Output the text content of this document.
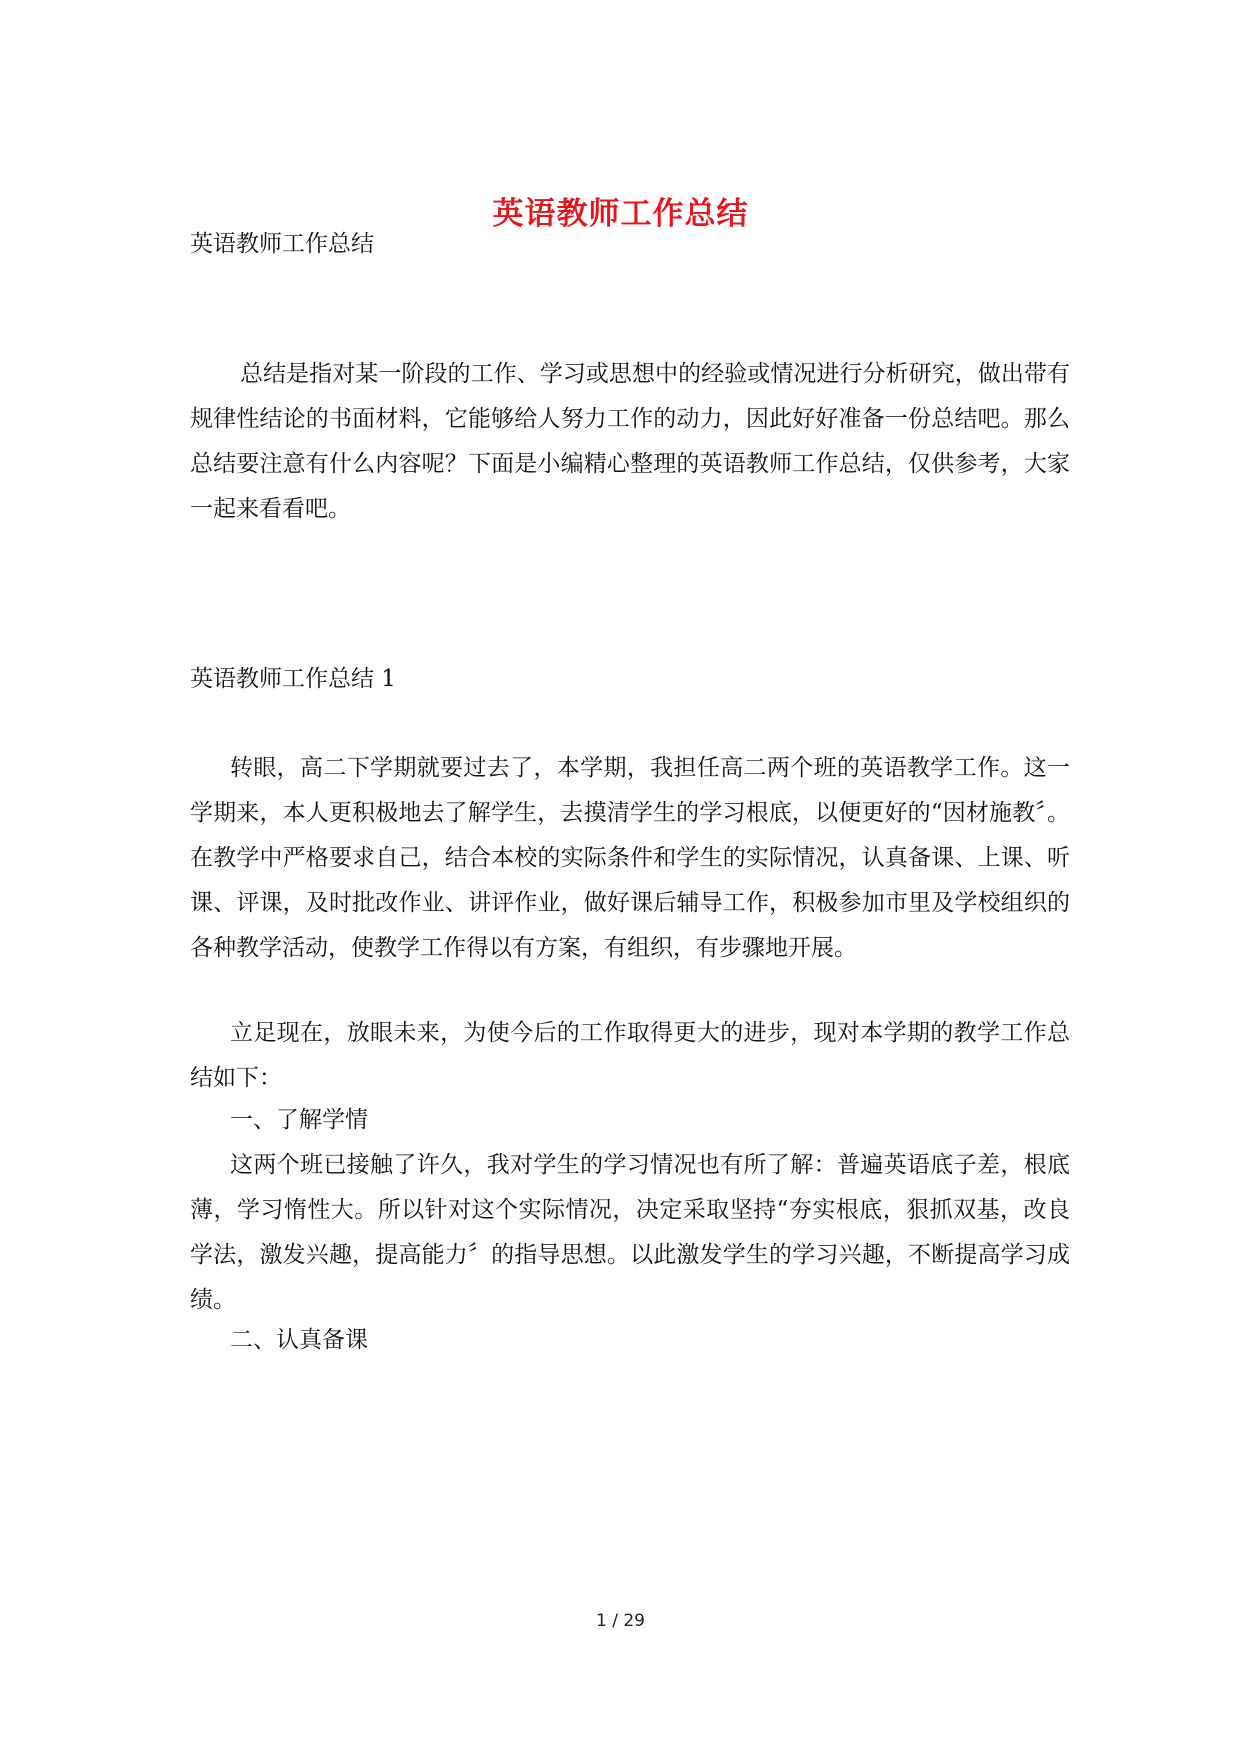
英语教师工作总结
英语教师工作总结

总结是指对某一阶段的工作、学习或思想中的经验或情况进行分析研究，做出带有规律性结论的书面材料，它能够给人努力工作的动力，因此好好准备一份总结吧。那么总结要注意有什么内容呢？下面是小编精心整理的英语教师工作总结，仅供参考，大家一起来看看吧。

英语教师工作总结 1

转眼，高二下学期就要过去了，本学期，我担任高二两个班的英语教学工作。这一学期来，本人更积极地去了解学生，去摸清学生的学习根底，以便更好的“因材施教〞。在教学中严格要求自己，结合本校的实际条件和学生的实际情况，认真备课、上课、听课、评课，及时批改作业、讲评作业，做好课后辅导工作，积极参加市里及学校组织的各种教学活动，使教学工作得以有方案，有组织，有步骤地开展。

立足现在，放眼未来，为使今后的工作取得更大的进步，现对本学期的教学工作总结如下：

一、了解学情

这两个班已接触了许久，我对学生的学习情况也有所了解：普遍英语底子差，根底薄，学习惰性大。所以针对这个实际情况，决定采取坚持“夯实根底，狠抓双基，改良学法，激发兴趣，提高能力〞的指导思想。以此激发学生的学习兴趣，不断提高学习成绩。

二、认真备课

1 / 29
